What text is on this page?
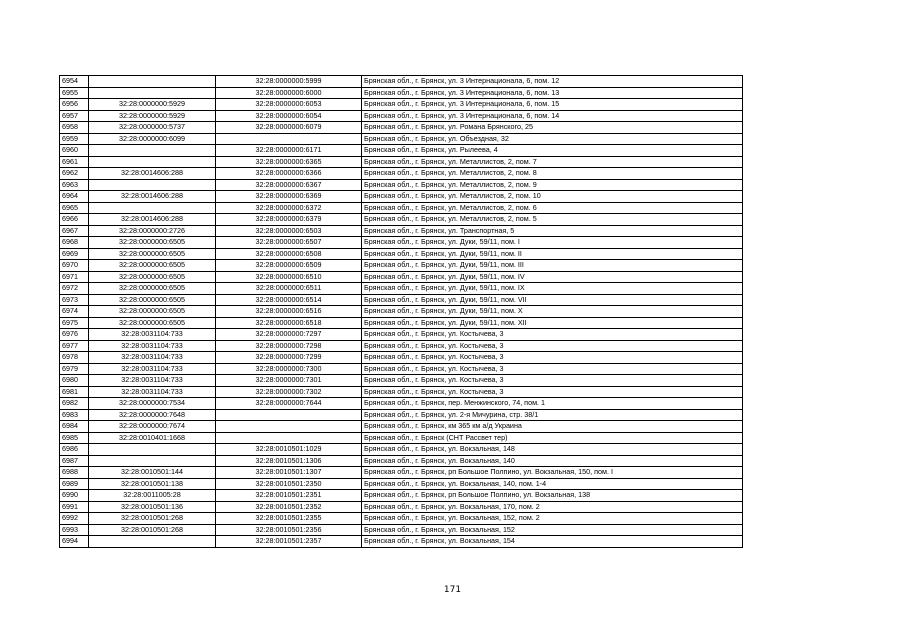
6954		32:28:0000000:5999	Брянская обл., г. Брянск, ул. 3 Интернационала, 6, пом. 12
6955		32:28:0000000:6000	Брянская обл., г. Брянск, ул. 3 Интернационала, 6, пом. 13
6956	32:28:0000000:5929	32:28:0000000:6053	Брянская обл., г. Брянск, ул. 3 Интернационала, 6, пом. 15
6957	32:28:0000000:5929	32:28:0000000:6054	Брянская обл., г. Брянск, ул. 3 Интернационала, 6, пом. 14
6958	32:28:0000000:5737	32:28:0000000:6079	Брянская обл., г. Брянск, ул. Романа Брянского, 25
6959	32:28:0000000:6099		Брянская обл., г. Брянск, ул. Объездная, 32
6960		32:28:0000000:6171	Брянская обл., г. Брянск, ул. Рылеева, 4
6961		32:28:0000000:6365	Брянская обл., г. Брянск, ул. Металлистов, 2, пом. 7
6962	32:28:0014606:288	32:28:0000000:6366	Брянская обл., г. Брянск, ул. Металлистов, 2, пом. 8
6963		32:28:0000000:6367	Брянская обл., г. Брянск, ул. Металлистов, 2, пом. 9
6964	32:28:0014606:288	32:28:0000000:6369	Брянская обл., г. Брянск, ул. Металлистов, 2, пом. 10
6965		32:28:0000000:6372	Брянская обл., г. Брянск, ул. Металлистов, 2, пом. 6
6966	32:28:0014606:288	32:28:0000000:6379	Брянская обл., г. Брянск, ул. Металлистов, 2, пом. 5
6967	32:28:0000000:2726	32:28:0000000:6503	Брянская обл., г. Брянск, ул. Транспортная, 5
6968	32:28:0000000:6505	32:28:0000000:6507	Брянская обл., г. Брянск, ул. Дуки, 59/11, пом. I
6969	32:28:0000000:6505	32:28:0000000:6508	Брянская обл., г. Брянск, ул. Дуки, 59/11, пом. II
6970	32:28:0000000:6505	32:28:0000000:6509	Брянская обл., г. Брянск, ул. Дуки, 59/11, пом. III
6971	32:28:0000000:6505	32:28:0000000:6510	Брянская обл., г. Брянск, ул. Дуки, 59/11, пом. IV
6972	32:28:0000000:6505	32:28:0000000:6511	Брянская обл., г. Брянск, ул. Дуки, 59/11, пом. IX
6973	32:28:0000000:6505	32:28:0000000:6514	Брянская обл., г. Брянск, ул. Дуки, 59/11, пом. VII
6974	32:28:0000000:6505	32:28:0000000:6516	Брянская обл., г. Брянск, ул. Дуки, 59/11, пом. X
6975	32:28:0000000:6505	32:28:0000000:6518	Брянская обл., г. Брянск, ул. Дуки, 59/11, пом. XII
6976	32:28:0031104:733	32:28:0000000:7297	Брянская обл., г. Брянск, ул. Костычева, 3
6977	32:28:0031104:733	32:28:0000000:7298	Брянская обл., г. Брянск, ул. Костычева, 3
6978	32:28:0031104:733	32:28:0000000:7299	Брянская обл., г. Брянск, ул. Костычева, 3
6979	32:28:0031104:733	32:28:0000000:7300	Брянская обл., г. Брянск, ул. Костычева, 3
6980	32:28:0031104:733	32:28:0000000:7301	Брянская обл., г. Брянск, ул. Костычева, 3
6981	32:28:0031104:733	32:28:0000000:7302	Брянская обл., г. Брянск, ул. Костычева, 3
6982	32:28:0000000:7534	32:28:0000000:7644	Брянская обл., г. Брянск, пер. Менжинского, 74, пом. 1
6983	32:28:0000000:7648		Брянская обл., г. Брянск, ул. 2-я Мичурина, стр. 38/1
6984	32:28:0000000:7674		Брянская обл., г. Брянск, км 365 км а/д Украина
6985	32:28:0010401:1668		Брянская обл., г. Брянск (СНТ Рассвет тер)
6986		32:28:0010501:1029	Брянская обл., г. Брянск, ул. Вокзальная, 148
6987		32:28:0010501:1306	Брянская обл., г. Брянск, ул. Вокзальная, 140
6988	32:28:0010501:144	32:28:0010501:1307	Брянская обл., г. Брянск, рп Большое Полпино, ул. Вокзальная, 150, пом. I
6989	32:28:0010501:138	32:28:0010501:2350	Брянская обл., г. Брянск, ул. Вокзальная, 140, пом. 1-4
6990	32:28:0011005:28	32:28:0010501:2351	Брянская обл., г. Брянск, рп Большое Полпино, ул. Вокзальная, 138
6991	32:28:0010501:136	32:28:0010501:2352	Брянская обл., г. Брянск, ул. Вокзальная, 170, пом. 2
6992	32:28:0010501:268	32:28:0010501:2355	Брянская обл., г. Брянск, ул. Вокзальная, 152, пом. 2
6993	32:28:0010501:268	32:28:0010501:2356	Брянская обл., г. Брянск, ул. Вокзальная, 152
6994		32:28:0010501:2357	Брянская обл., г. Брянск, ул. Вокзальная, 154
171
